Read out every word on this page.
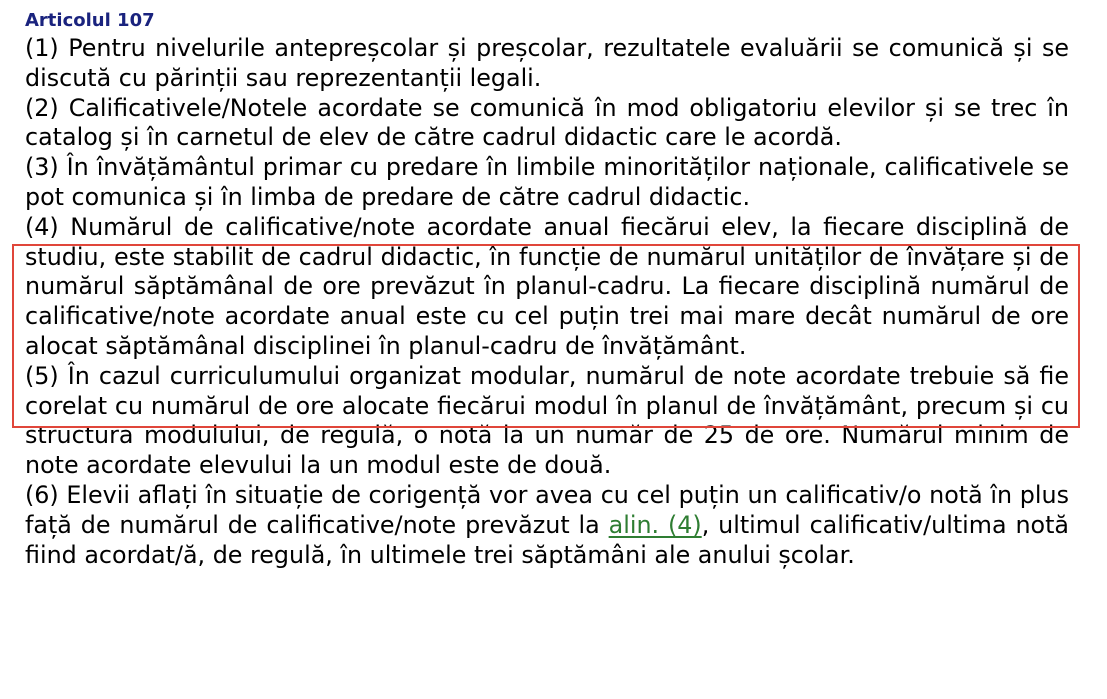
Articolul 107

(1) Pentru nivelurile antepreșcolar și preșcolar, rezultatele evaluării se comunică și se discută cu părinții sau reprezentanții legali.

(2) Calificativele/Notele acordate se comunică în mod obligatoriu elevilor și se trec în catalog și în carnetul de elev de către cadrul didactic care le acordă.

(3) În învățământul primar cu predare în limbile minorităților naționale, calificativele se pot comunica și în limba de predare de către cadrul didactic.

(4) Numărul de calificative/note acordate anual fiecărui elev, la fiecare disciplină de studiu, este stabilit de cadrul didactic, în funcție de numărul unităților de învățare și de numărul săptămânal de ore prevăzut în planul-cadru. La fiecare disciplină numărul de calificative/note acordate anual este cu cel puțin trei mai mare decât numărul de ore alocat săptămânal disciplinei în planul-cadru de învățământ.

(5) În cazul curriculumului organizat modular, numărul de note acordate trebuie să fie corelat cu numărul de ore alocate fiecărui modul în planul de învățământ, precum și cu structura modulului, de regulă, o notă la un număr de 25 de ore. Numărul minim de note acordate elevului la un modul este de două.

(6) Elevii aflați în situație de corigență vor avea cu cel puțin un calificativ/o notă în plus față de numărul de calificative/note prevăzut la alin. (4), ultimul calificativ/ultima notă fiind acordat/ă, de regulă, în ultimele trei săptămâni ale anului școlar.
